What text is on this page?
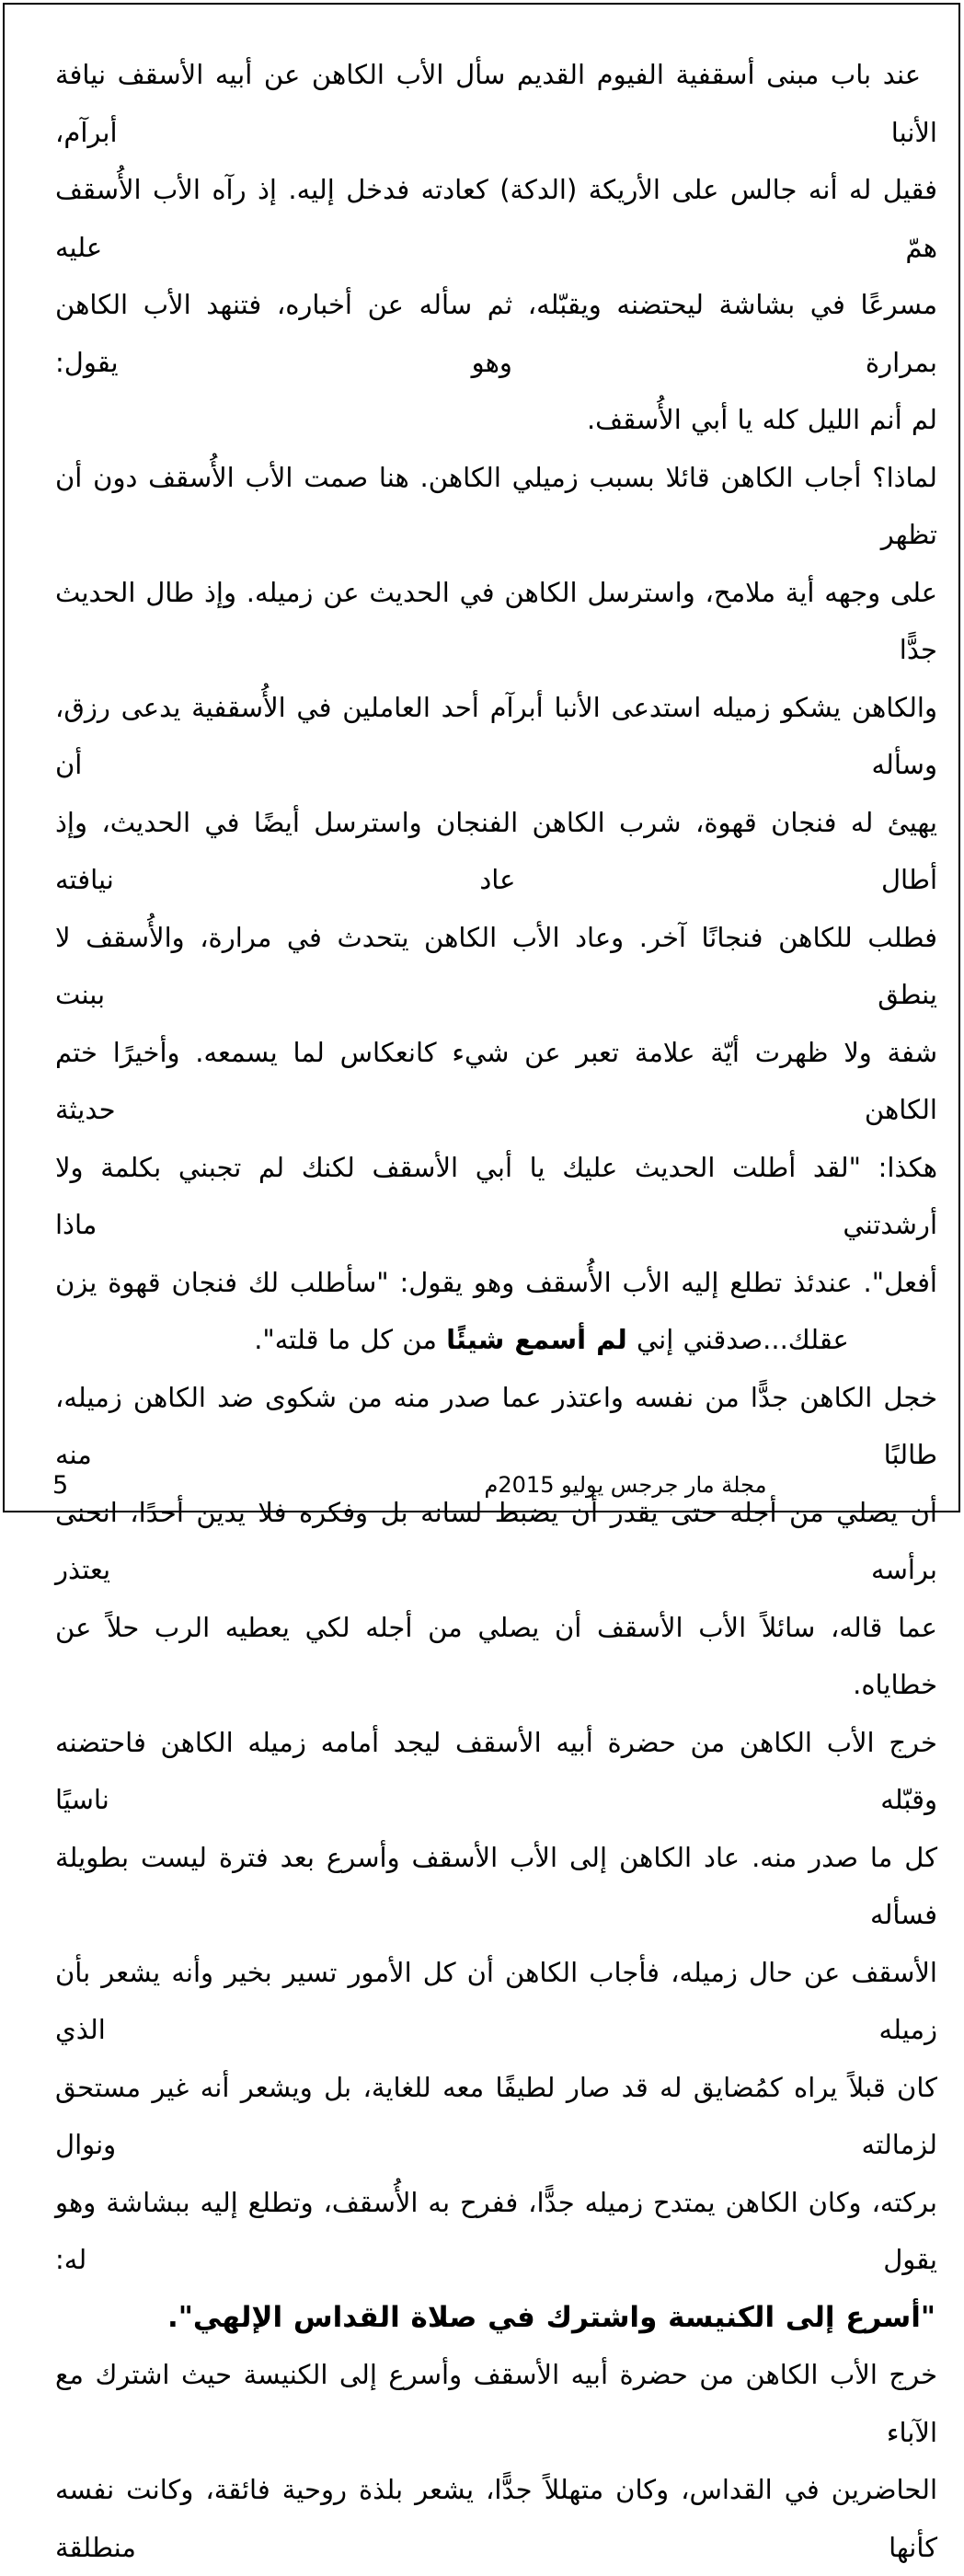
عند باب مبنى أسقفية الفيوم القديم سأل الأب الكاهن عن أبيه الأسقف نيافة الأنبا أبرآم،
فقيل له أنه جالس على الأريكة (الدكة) كعادته فدخل إليه. إذ رآه الأب الأُسقف همّ عليه
مسرعًا في بشاشة ليحتضنه ويقبّله، ثم سأله عن أخباره، فتنهد الأب الكاهن بمرارة وهو يقول:
لم أنم الليل كله يا أبي الأُسقف.
لماذا؟ أجاب الكاهن قائلا بسبب زميلي الكاهن. هنا صمت الأب الأُسقف دون أن تظهر
على وجهه أية ملامح، واسترسل الكاهن في الحديث عن زميله. وإذ طال الحديث جدًّا
والكاهن يشكو زميله استدعى الأنبا أبرآم أحد العاملين في الأُسقفية يدعى رزق، وسأله أن
يهيئ له فنجان قهوة، شرب الكاهن الفنجان واسترسل أيضًا في الحديث، وإذ أطال عاد نيافته
فطلب للكاهن فنجانًا آخر. وعاد الأب الكاهن يتحدث في مرارة، والأُسقف لا ينطق ببنت
شفة ولا ظهرت أيّة علامة تعبر عن شيء كانعكاس لما يسمعه. وأخيرًا ختم الكاهن حديثة
هكذا: "لقد أطلت الحديث عليك يا أبي الأسقف لكنك لم تجبني بكلمة ولا أرشدتني ماذا
أفعل". عندئذ تطلع إليه الأب الأُسقف وهو يقول: "سأطلب لك فنجان قهوة يزن
عقلك...صدقني إني لم أسمع شيئًا من كل ما قلته".
خجل الكاهن جدًّا من نفسه واعتذر عما صدر منه من شكوى ضد الكاهن زميله، طالبًا منه
أن يصلي من أجله حتى يقدر أن يضبط لسانه بل وفكره فلا يدين أحدًا، انحنى برأسه يعتذر
عما قاله، سائلاً الأب الأسقف أن يصلي من أجله لكي يعطيه الرب حلاً عن خطاياه.
خرج الأب الكاهن من حضرة أبيه الأسقف ليجد أمامه زميله الكاهن فاحتضنه وقبّله ناسيًا
كل ما صدر منه. عاد الكاهن إلى الأب الأسقف وأسرع بعد فترة ليست بطويلة فسأله
الأسقف عن حال زميله، فأجاب الكاهن أن كل الأمور تسير بخير وأنه يشعر بأن زميله الذي
كان قبلاً يراه كمُضايق له قد صار لطيفًا معه للغاية، بل ويشعر أنه غير مستحق لزمالته ونوال
بركته، وكان الكاهن يمتدح زميله جدًّا، ففرح به الأُسقف، وتطلع إليه ببشاشة وهو يقول له:
"أسرع إلى الكنيسة واشترك في صلاة القداس الإلهي".
خرج الأب الكاهن من حضرة أبيه الأسقف وأسرع إلى الكنيسة حيث اشترك مع الآباء
الحاضرين في القداس، وكان متهللاً جدًّا، يشعر بلذة روحية فائقة، وكانت نفسه كأنها منطلقة
مجلة مار جرجس يوليو 2015م
5
